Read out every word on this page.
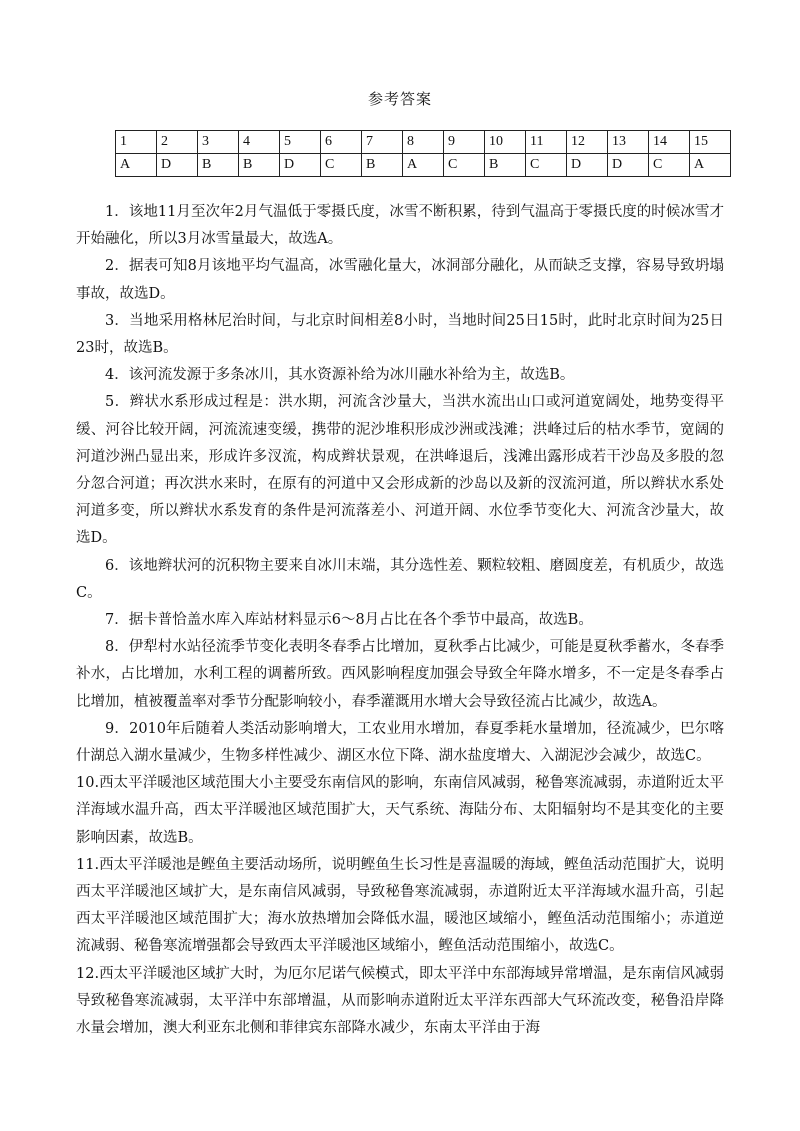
参考答案
1	2	3	4	5	6	7	8	9	10	11	12	13	14	15
A	D	B	B	D	C	B	A	C	B	C	D	D	C	A

1．该地11月至次年2月气温低于零摄氏度，冰雪不断积累，待到气温高于零摄氏度的时候冰雪才开始融化，所以3月冰雪量最大，故选A。

2．据表可知8月该地平均气温高，冰雪融化量大，冰洞部分融化，从而缺乏支撑，容易导致坍塌事故，故选D。

3．当地采用格林尼治时间，与北京时间相差8小时，当地时间25日15时，此时北京时间为25日23时，故选B。

4．该河流发源于多条冰川，其水资源补给为冰川融水补给为主，故选B。

5．辫状水系形成过程是：洪水期，河流含沙量大，当洪水流出山口或河道宽阔处，地势变得平缓、河谷比较开阔，河流流速变缓，携带的泥沙堆积形成沙洲或浅滩；洪峰过后的枯水季节，宽阔的河道沙洲凸显出来，形成许多汊流，构成辫状景观，在洪峰退后，浅滩出露形成若干沙岛及多股的忽分忽合河道；再次洪水来时，在原有的河道中又会形成新的沙岛以及新的汊流河道，所以辫状水系处河道多变，所以辫状水系发育的条件是河流落差小、河道开阔、水位季节变化大、河流含沙量大，故选D。

6．该地辫状河的沉积物主要来自冰川末端，其分选性差、颗粒较粗、磨圆度差，有机质少，故选C。

7．据卡普恰盖水库入库站材料显示6～8月占比在各个季节中最高，故选B。

8．伊犁村水站径流季节变化表明冬春季占比增加，夏秋季占比减少，可能是夏秋季蓄水，冬春季补水，占比增加，水利工程的调蓄所致。西风影响程度加强会导致全年降水增多，不一定是冬春季占比增加，植被覆盖率对季节分配影响较小，春季灌溉用水增大会导致径流占比减少，故选A。

9．2010年后随着人类活动影响增大，工农业用水增加，春夏季耗水量增加，径流减少，巴尔喀什湖总入湖水量减少，生物多样性减少、湖区水位下降、湖水盐度增大、入湖泥沙会减少，故选C。

10.西太平洋暖池区域范围大小主要受东南信风的影响，东南信风减弱，秘鲁寒流减弱，赤道附近太平洋海域水温升高，西太平洋暖池区域范围扩大，天气系统、海陆分布、太阳辐射均不是其变化的主要影响因素，故选B。

11.西太平洋暖池是鲣鱼主要活动场所，说明鲣鱼生长习性是喜温暖的海域，鲣鱼活动范围扩大，说明西太平洋暖池区域扩大，是东南信风减弱，导致秘鲁寒流减弱，赤道附近太平洋海域水温升高，引起西太平洋暖池区域范围扩大；海水放热增加会降低水温，暖池区域缩小，鲣鱼活动范围缩小；赤道逆流减弱、秘鲁寒流增强都会导致西太平洋暖池区域缩小，鲣鱼活动范围缩小，故选C。

12.西太平洋暖池区域扩大时，为厄尔尼诺气候模式，即太平洋中东部海域异常增温，是东南信风减弱导致秘鲁寒流减弱，太平洋中东部增温，从而影响赤道附近太平洋东西部大气环流改变，秘鲁沿岸降水量会增加，澳大利亚东北侧和菲律宾东部降水减少，东南太平洋由于海
